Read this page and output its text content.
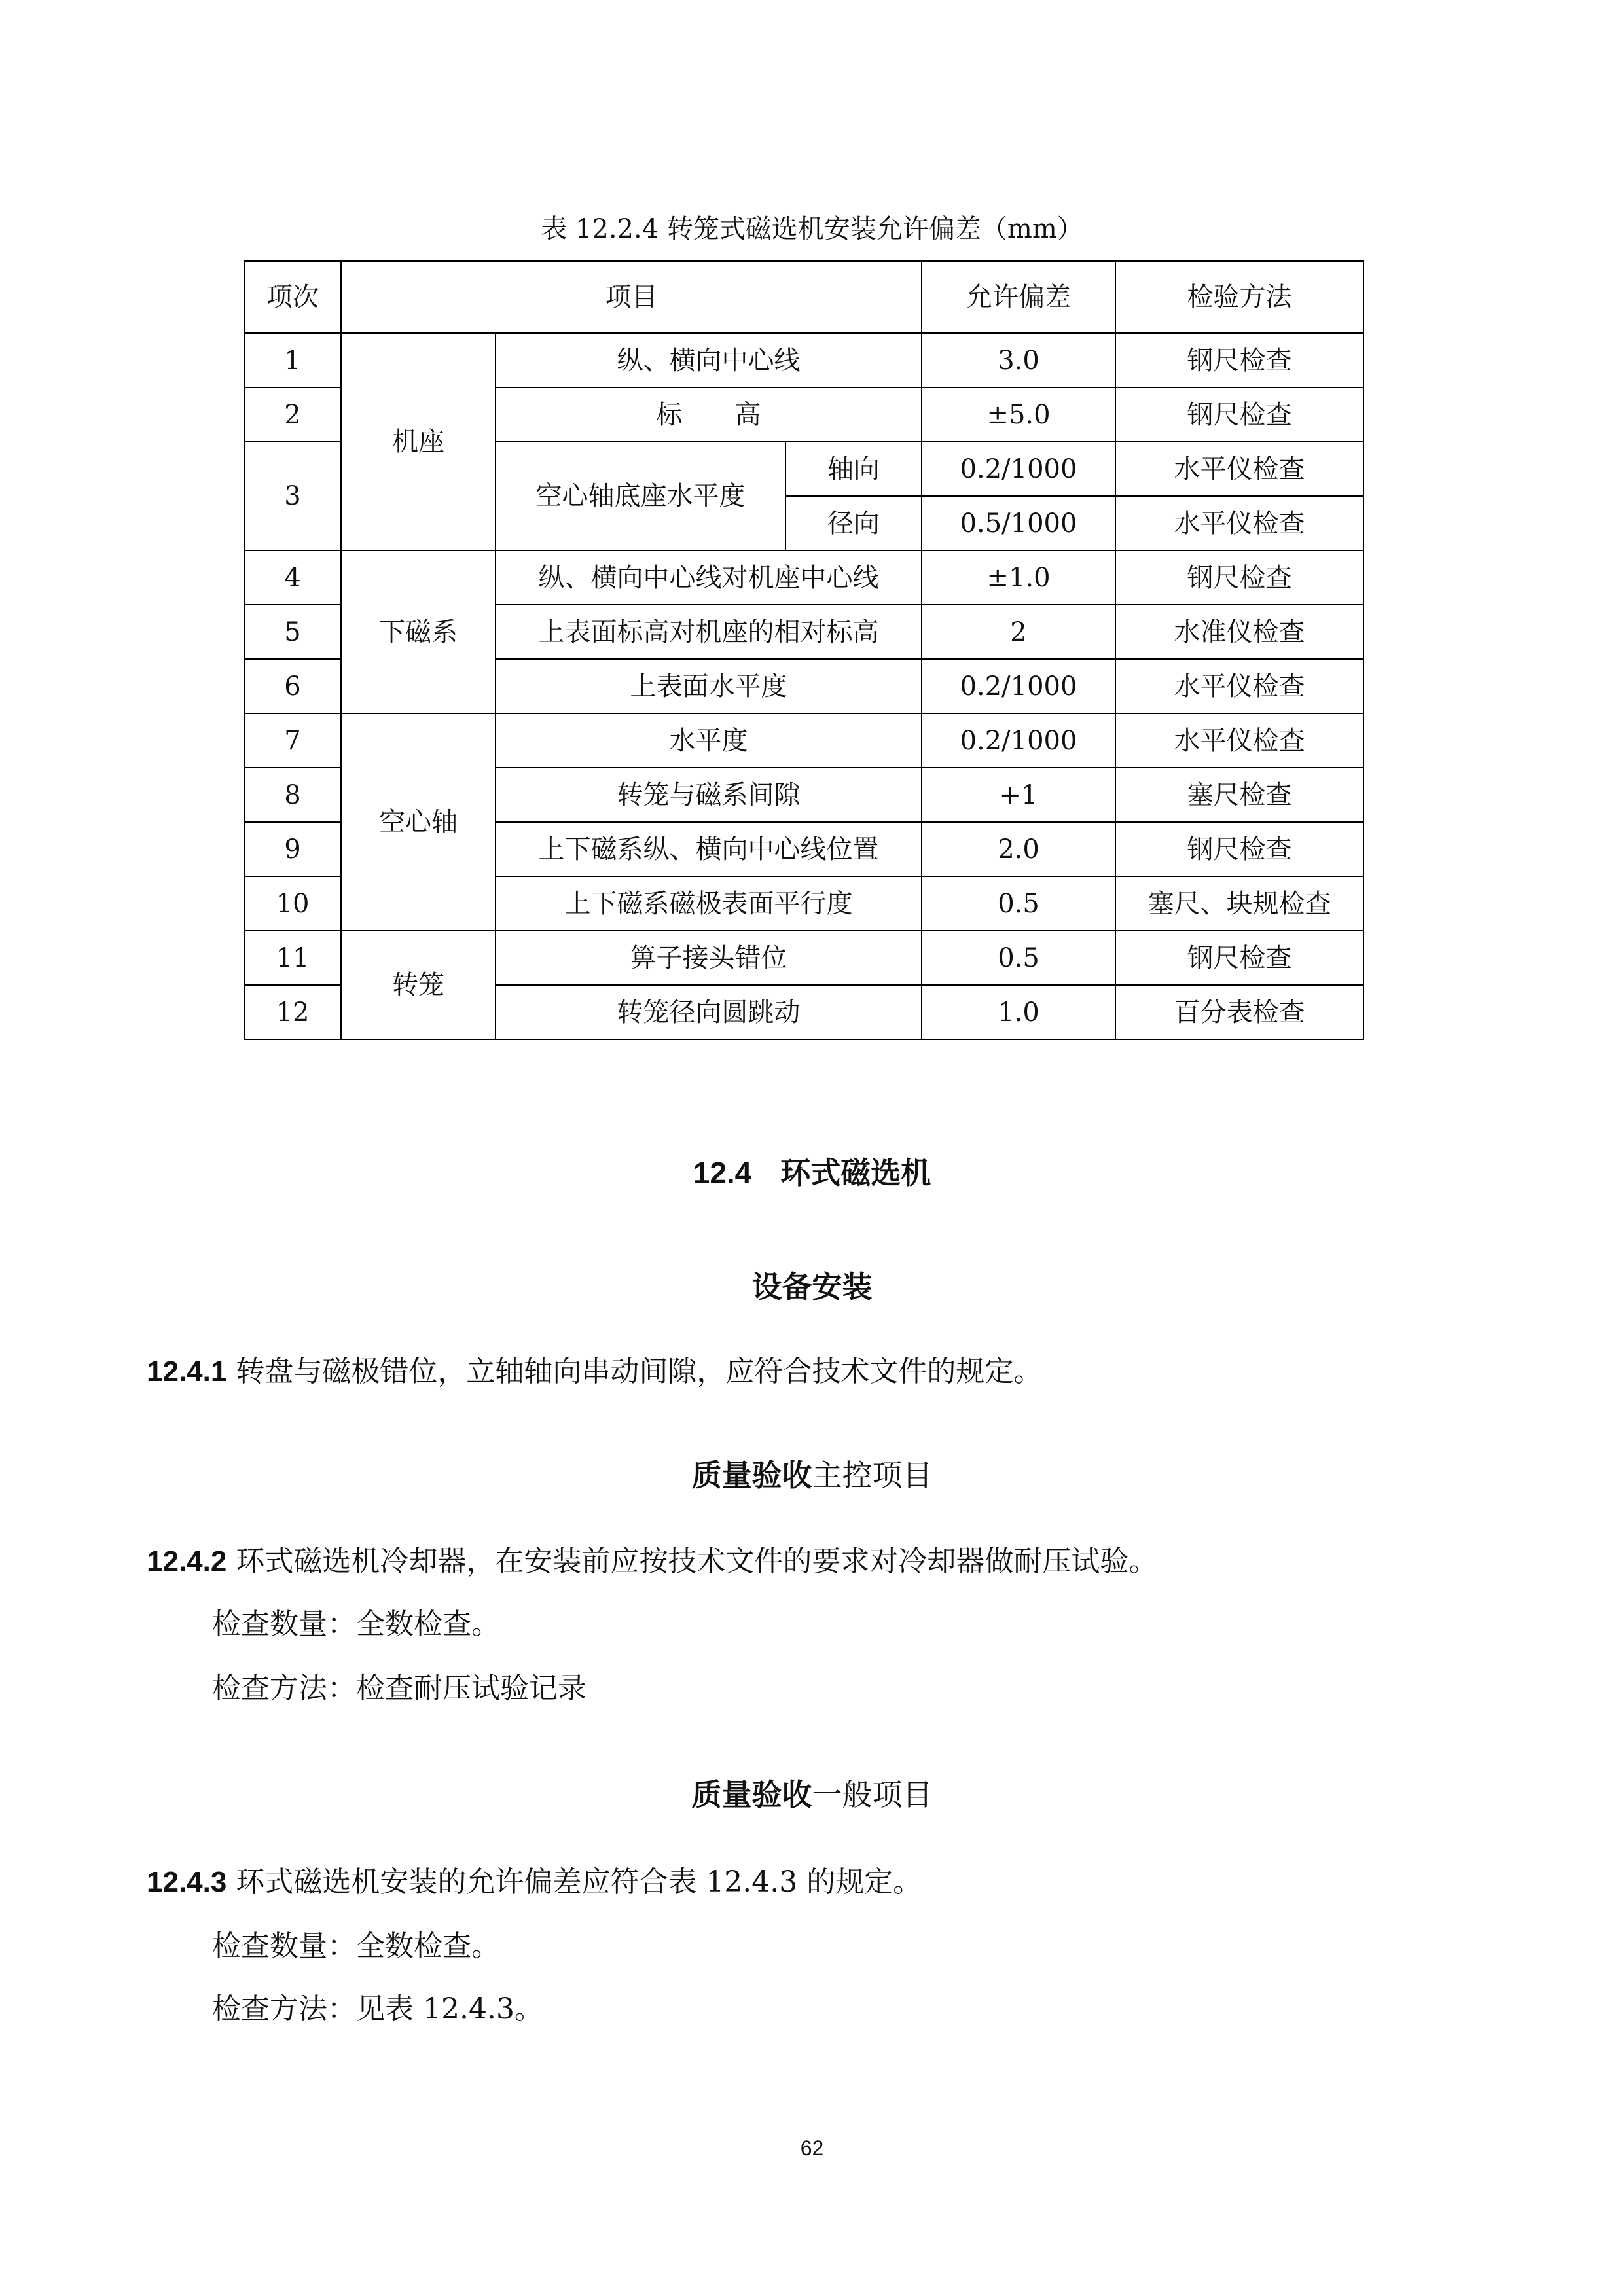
表 12.2.4 转笼式磁选机安装允许偏差（mm）
项次	项目			允许偏差	检验方法
1	机座	纵、横向中心线		3.0	钢尺检查
2		标　　高		±5.0	钢尺检查
3		空心轴底座水平度	轴向	0.2/1000	水平仪检查
			径向	0.5/1000	水平仪检查
4	下磁系	纵、横向中心线对机座中心线		±1.0	钢尺检查
5		上表面标高对机座的相对标高		2	水准仪检查
6		上表面水平度		0.2/1000	水平仪检查
7	空心轴	水平度		0.2/1000	水平仪检查
8		转笼与磁系间隙		+1	塞尺检查
9		上下磁系纵、横向中心线位置		2.0	钢尺检查
10		上下磁系磁极表面平行度		0.5	塞尺、块规检查
11	转笼	箅子接头错位		0.5	钢尺检查
12		转笼径向圆跳动		1.0	百分表检查
12.4 环式磁选机
设备安装
12.4.1 转盘与磁极错位，立轴轴向串动间隙，应符合技术文件的规定。
质量验收主控项目
12.4.2 环式磁选机冷却器，在安装前应按技术文件的要求对冷却器做耐压试验。
检查数量：全数检查。
检查方法：检查耐压试验记录
质量验收一般项目
12.4.3 环式磁选机安装的允许偏差应符合表 12.4.3 的规定。
检查数量：全数检查。
检查方法：见表 12.4.3。
62
